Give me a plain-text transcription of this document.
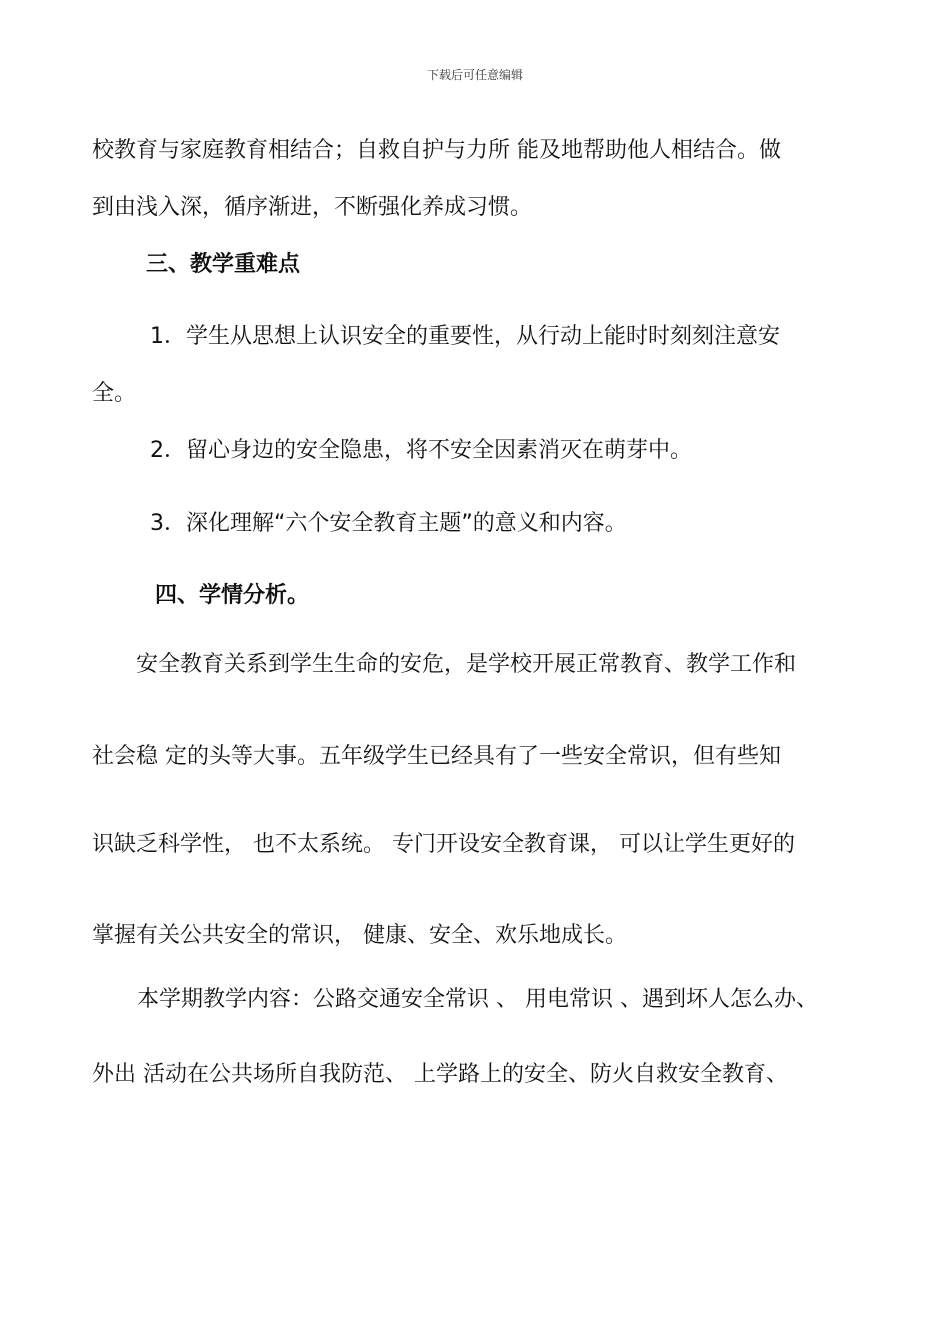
下载后可任意编辑
校教育与家庭教育相结合；自救自护与力所 能及地帮助他人相结合。做
到由浅入深，循序渐进，不断强化养成习惯。
三、教学重难点
1．学生从思想上认识安全的重要性，从行动上能时时刻刻注意安
全。
2．留心身边的安全隐患，将不安全因素消灭在萌芽中。
3．深化理解“六个安全教育主题”的意义和内容。
四、学情分析。
安全教育关系到学生生命的安危，是学校开展正常教育、教学工作和
社会稳 定的头等大事。五年级学生已经具有了一些安全常识，但有些知
识缺乏科学性， 也不太系统。 专门开设安全教育课， 可以让学生更好的
掌握有关公共安全的常识， 健康、安全、欢乐地成长。
本学期教学内容：公路交通安全常识 、 用电常识 、遇到坏人怎么办、
外出 活动在公共场所自我防范、 上学路上的安全、防火自救安全教育、
